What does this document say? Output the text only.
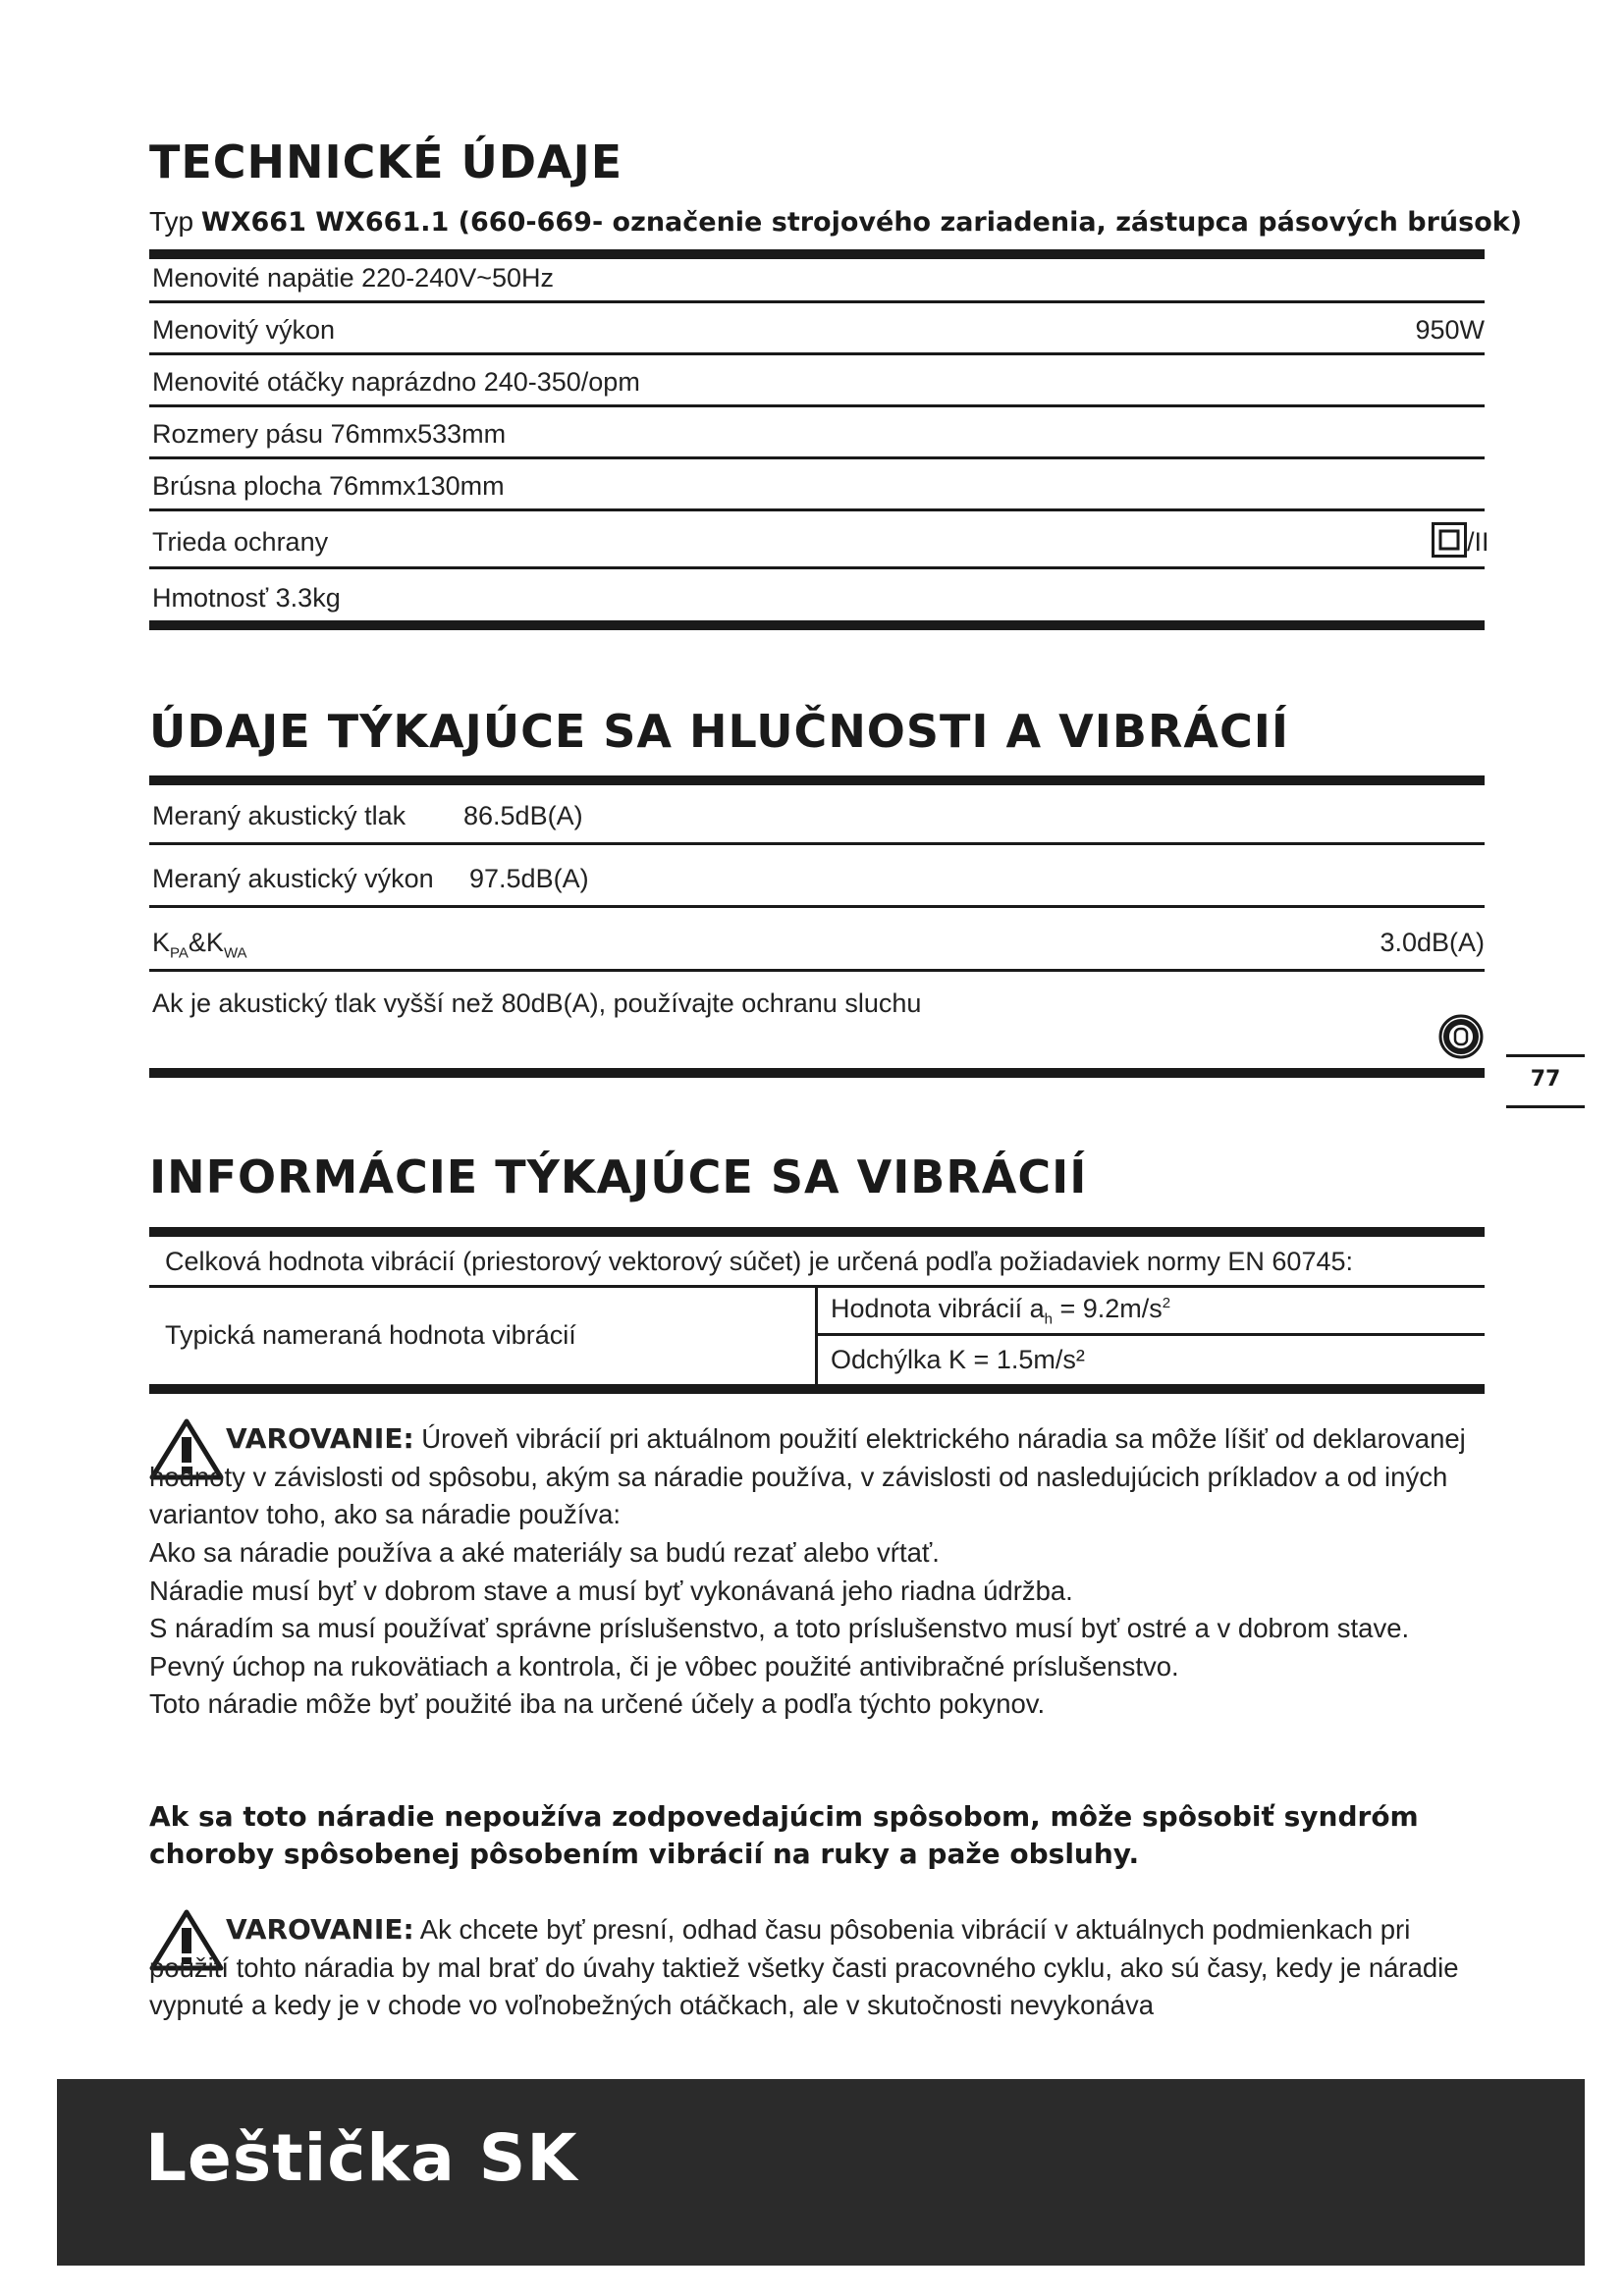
TECHNICKÉ ÚDAJE
Typ WX661 WX661.1 (660-669- označenie strojového zariadenia, zástupca pásových brúsok)
Menovité napätie 220-240V~50Hz
Menovitý výkon	950W
Menovité otáčky naprázdno 240-350/opm
Rozmery pásu 76mmx533mm
Brúsna plocha 76mmx130mm
Trieda ochrany	/II
Hmotnosť 3.3kg
ÚDAJE TÝKAJÚCE SA HLUČNOSTI A VIBRÁCIÍ
Meraný akustický tlak 86.5dB(A)
Meraný akustický výkon 97.5dB(A)
$K_{PA}\&K_{WA}$	3.0dB(A)
Ak je akustický tlak vyšší než 80dB(A), používajte ochranu sluchu
77
INFORMÁCIE TÝKAJÚCE SA VIBRÁCIÍ
Celková hodnota vibrácií (priestorový vektorový súčet) je určená podľa požiadaviek normy EN 60745:
Typická nameraná hodnota vibrácií
Hodnota vibrácií $a_h = 9.2m/s^2$
Odchýlka K = 1.5m/s²
VAROVANIE: Úroveň vibrácií pri aktuálnom použití elektrického náradia sa môže líšiť od deklarovanej hodnoty v závislosti od spôsobu, akým sa náradie používa, v závislosti od nasledujúcich príkladov a od iných variantov toho, ako sa náradie používa:

Ako sa náradie používa a aké materiály sa budú rezať alebo vŕtať.

Náradie musí byť v dobrom stave a musí byť vykonávaná jeho riadna údržba.

S náradím sa musí používať správne príslušenstvo, a toto príslušenstvo musí byť ostré a v dobrom stave.

Pevný úchop na rukovätiach a kontrola, či je vôbec použité antivibračné príslušenstvo.

Toto náradie môže byť použité iba na určené účely a podľa týchto pokynov.

Ak sa toto náradie nepoužíva zodpovedajúcim spôsobom, môže spôsobiť syndróm choroby spôsobenej pôsobením vibrácií na ruky a paže obsluhy.
VAROVANIE: Ak chcete byť presní, odhad času pôsobenia vibrácií v aktuálnych podmienkach pri použití tohto náradia by mal brať do úvahy taktiež všetky časti pracovného cyklu, ako sú časy, kedy je náradie vypnuté a kedy je v chode vo voľnobežných otáčkach, ale v skutočnosti nevykonáva
Leštička SK
